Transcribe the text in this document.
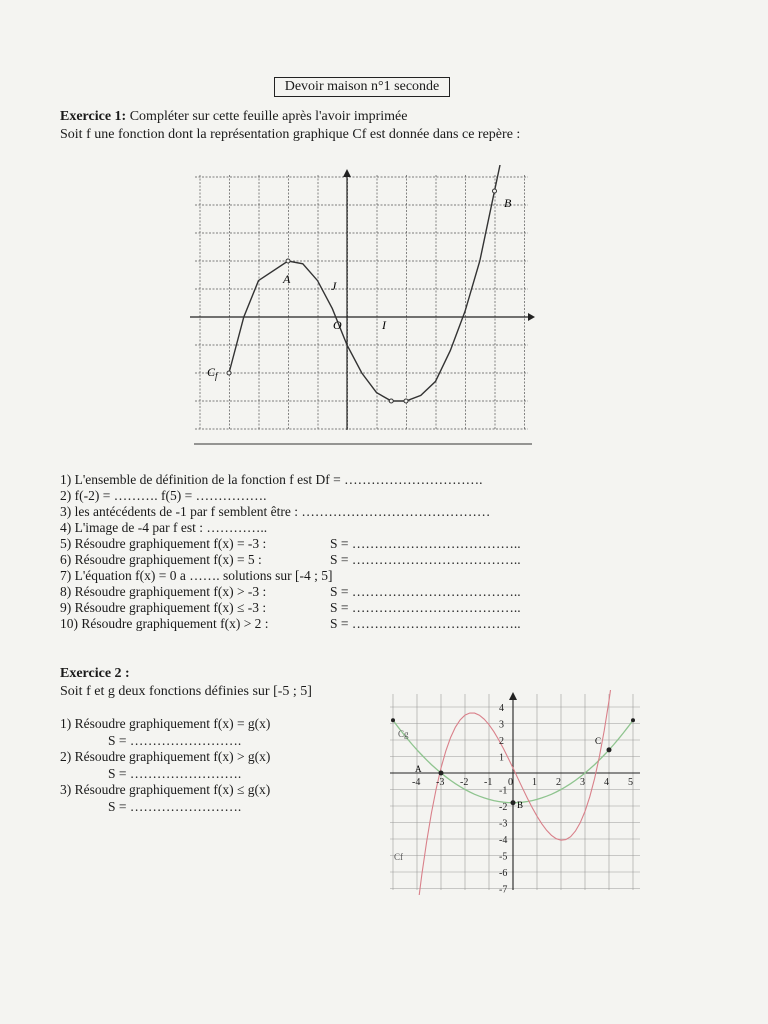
Devoir maison n°1 seconde
Exercice 1: Compléter sur cette feuille après l'avoir imprimée
Soit f une fonction dont la représentation graphique Cf est donnée dans ce repère :
A
B
J
O	I
$C_f$
1) L'ensemble de définition de la fonction f est Df = ………………………….
2) f(-2) = ………. f(5) = …………….
3) les antécédents de -1 par f semblent être : ……………………………………
4) L'image de -4 par f est : …………..
5) Résoudre graphiquement f(x) = -3 :	S = ………………………………..
6) Résoudre graphiquement f(x) = 5 :	S = ………………………………..
7) L'équation f(x) = 0 a ……. solutions sur [-4 ; 5]
8) Résoudre graphiquement f(x) > -3 :	S = ………………………………..
9) Résoudre graphiquement f(x) ≤ -3 :	S = ………………………………..
10) Résoudre graphiquement f(x) > 2 :	S = ………………………………..
Exercice 2 :
Soit f et g deux fonctions définies sur [-5 ; 5]
1) Résoudre graphiquement f(x) = g(x)
S = …………………….
2) Résoudre graphiquement f(x) > g(x)
S = …………………….
3) Résoudre graphiquement f(x) ≤ g(x)
S = …………………….
-4 -3 -2 -1 0 1 2 3 4 5
4
3
2
1
-1
-2
-3
-4
-5
-6
-7
Cg
Cf
A
B
C
